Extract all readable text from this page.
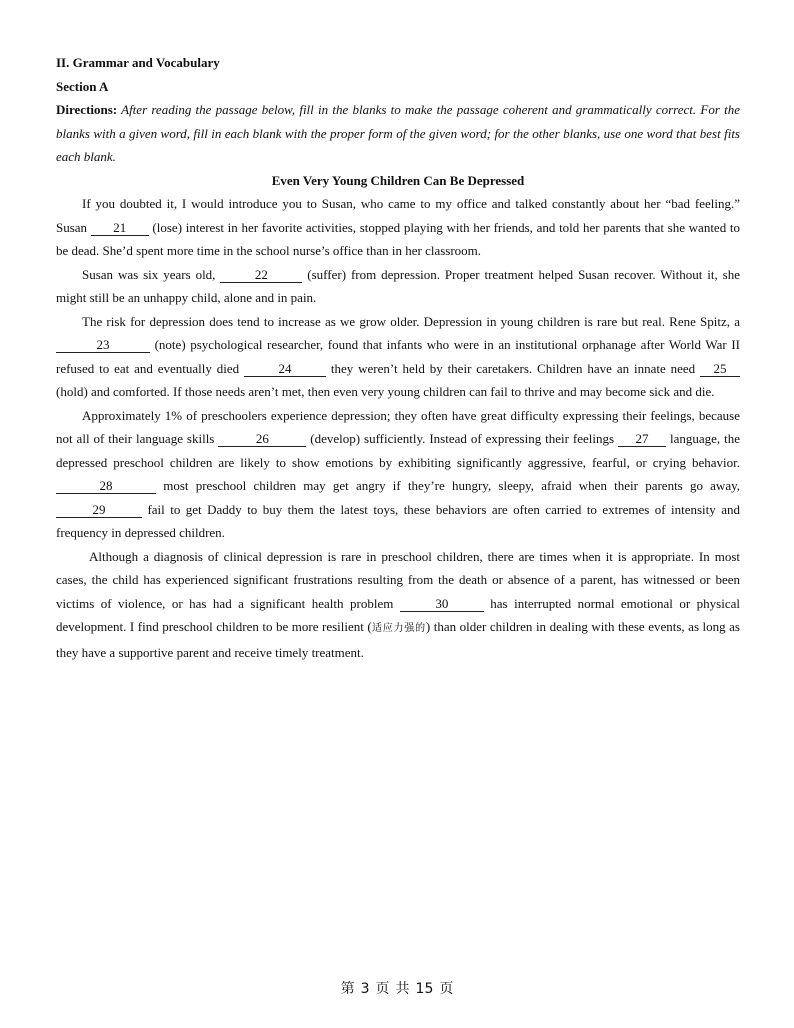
II. Grammar and Vocabulary
Section A
Directions: After reading the passage below, fill in the blanks to make the passage coherent and grammatically correct. For the blanks with a given word, fill in each blank with the proper form of the given word; for the other blanks, use one word that best fits each blank.
Even Very Young Children Can Be Depressed

If you doubted it, I would introduce you to Susan, who came to my office and talked constantly about her “bad feeling.” Susan 21 (lose) interest in her favorite activities, stopped playing with her friends, and told her parents that she wanted to be dead. She’d spent more time in the school nurse’s office than in her classroom.

Susan was six years old,	22	(suffer) from depression. Proper treatment helped Susan recover. Without it, she might still be an unhappy child, alone and in pain.

The risk for depression does tend to increase as we grow older. Depression in young children is rare but real. Rene Spitz, a 23	(note) psychological researcher, found that infants who were in an institutional orphanage after World War II refused to eat and eventually died	24	they weren’t held by their caretakers. Children have an innate need 25 (hold) and comforted. If those needs aren’t met, then even very young children can fail to thrive and may become sick and die.

Approximately 1% of preschoolers experience depression; they often have great difficulty expressing their feelings, because not all of their language skills	26	(develop) sufficiently. Instead of expressing their feelings 27 language, the depressed preschool children are likely to show emotions by exhibiting significantly aggressive, fearful, or crying behavior. 28	most preschool children may get angry if they’re hungry, sleepy, afraid when their parents go away, 29	fail to get Daddy to buy them the latest toys, these behaviors are often carried to extremes of intensity and frequency in depressed children.

Although a diagnosis of clinical depression is rare in preschool children, there are times when it is appropriate. In most cases, the child has experienced significant frustrations resulting from the death or absence of a parent, has witnessed or been victims of violence, or has had a significant health problem	30	has interrupted normal emotional or physical development. I find preschool children to be more resilient (适应力强的) than older children in dealing with these events, as long as they have a supportive parent and receive timely treatment.

第 3 页 共 15 页
